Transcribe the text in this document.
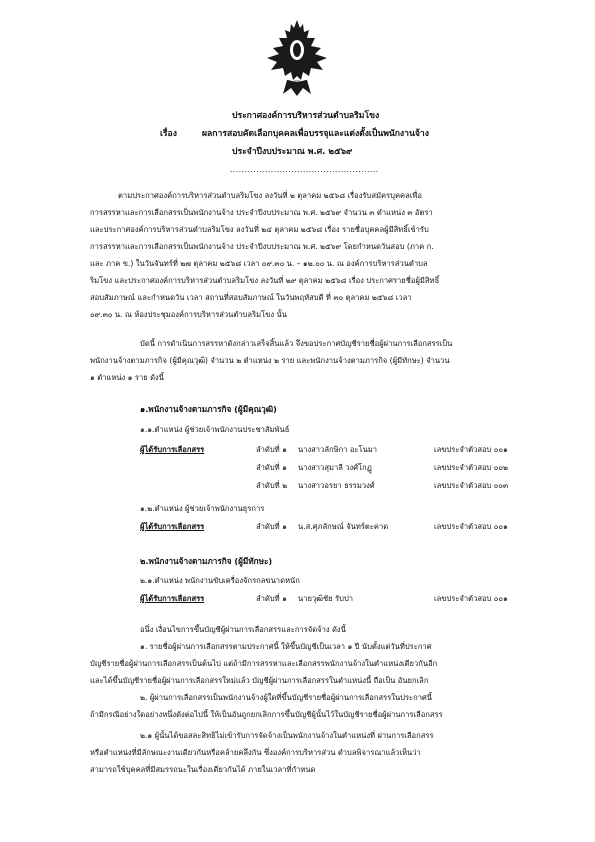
ประกาศองค์การบริหารส่วนตำบลริมโขง
เรื่อง	ผลการสอบคัดเลือกบุคคลเพื่อบรรจุและแต่งตั้งเป็นพนักงานจ้าง
ประจำปีงบประมาณ พ.ศ. ๒๕๖๙
...................................................
ตามประกาศองค์การบริหารส่วนตำบลริมโขง ลงวันที่ ๒ ตุลาคม ๒๕๖๘ เรื่องรับสมัครบุคคลเพื่อ
การสรรหาและการเลือกสรรเป็นพนักงานจ้าง ประจำปีงบประมาณ พ.ศ. ๒๕๖๙ จำนวน ๓ ตำแหน่ง ๓ อัตรา
และประกาศองค์การบริหารส่วนตำบลริมโขง ลงวันที่ ๒๔ ตุลาคม ๒๕๖๘ เรื่อง รายชื่อบุคคลผู้มีสิทธิ์เข้ารับ
การสรรหาและการเลือกสรรเป็นพนักงานจ้าง ประจำปีงบประมาณ พ.ศ. ๒๕๖๙ โดยกำหนดวันสอบ (ภาค ก.
และ ภาค ข.) ในวันจันทร์ที่ ๒๗ ตุลาคม ๒๕๖๘ เวลา ๐๙.๓๐ น. – ๑๒.๐๐ น. ณ องค์การบริหารส่วนตำบล
ริมโขง และประกาศองค์การบริหารส่วนตำบลริมโขง ลงวันที่ ๒๙ ตุลาคม ๒๕๖๘ เรื่อง ประกาศรายชื่อผู้มีสิทธิ์
สอบสัมภาษณ์ และกำหนดวัน เวลา สถานที่สอบสัมภาษณ์ ในวันพฤหัสบดี ที่ ๓๐ ตุลาคม ๒๕๖๘ เวลา
๐๙.๓๐ น. ณ ห้องประชุมองค์การบริหารส่วนตำบลริมโขง นั้น
บัดนี้ การดำเนินการสรรหาดังกล่าวเสร็จสิ้นแล้ว จึงขอประกาศบัญชีรายชื่อผู้ผ่านการเลือกสรรเป็น
พนักงานจ้างตามภารกิจ (ผู้มีคุณวุฒิ) จำนวน ๒ ตำแหน่ง ๒ ราย และพนักงานจ้างตามภารกิจ (ผู้มีทักษะ) จำนวน
๑ ตำแหน่ง ๑ ราย ดังนี้
๑.พนักงานจ้างตามภารกิจ (ผู้มีคุณวุฒิ)
๑.๑.ตำแหน่ง ผู้ช่วยเจ้าพนักงานประชาสัมพันธ์
ผู้ได้รับการเลือกสรร	ลำดับที่ ๑ นางสาวลักษิกา อะโนมา	เลขประจำตัวสอบ ๐๐๑
ลำดับที่ ๑ นางสาวสุมาลี วงศ์โกฏู	เลขประจำตัวสอบ ๐๐๒
ลำดับที่ ๒ นางสาวอรยา ธรรมวงศ์	เลขประจำตัวสอบ ๐๐๓
๑.๒.ตำแหน่ง ผู้ช่วยเจ้าพนักงานธุรการ
ผู้ได้รับการเลือกสรร	ลำดับที่ ๑ น.ส.ศุภลักษณ์ จันทร์ตะคาด	เลขประจำตัวสอบ ๐๐๑
๒.พนักงานจ้างตามภารกิจ (ผู้มีทักษะ)
๒.๑.ตำแหน่ง พนักงานขับเครื่องจักรกลขนาดหนัก
ผู้ได้รับการเลือกสรร	ลำดับที่ ๑ นายวุฒิชัย รับปา	เลขประจำตัวสอบ ๐๐๑
อนึ่ง เงื่อนไขการขึ้นบัญชีผู้ผ่านการเลือกสรรและการจัดจ้าง ดังนี้
๑. รายชื่อผู้ผ่านการเลือกสรรตามประกาศนี้ ให้ขึ้นบัญชีเป็นเวลา ๑ ปี นับตั้งแต่วันที่ประกาศ
บัญชีรายชื่อผู้ผ่านการเลือกสรรเป็นต้นไป แต่ถ้ามีการสรรหาและเลือกสรรพนักงานจ้างในตำแหน่งเดียวกันอีก
และได้ขึ้นบัญชีรายชื่อผู้ผ่านการเลือกสรรใหม่แล้ว บัญชีผู้ผ่านการเลือกสรรในตำแหน่งนี้ ถือเป็น อันยกเลิก
๒. ผู้ผ่านการเลือกสรรเป็นพนักงานจ้างผู้ใดที่ขึ้นบัญชีรายชื่อผู้ผ่านการเลือกสรรในประกาศนี้
ถ้ามีกรณีอย่างใดอย่างหนึ่งดังต่อไปนี้ ให้เป็นอันถูกยกเลิกการขึ้นบัญชีผู้นั้นไว้ในบัญชีรายชื่อผู้ผ่านการเลือกสรร
๒.๑ ผู้นั้นได้ขอสละสิทธิไม่เข้ารับการจัดจ้างเป็นพนักงานจ้างในตำแหน่งที่ ผ่านการเลือกสรร
หรือตำแหน่งที่มีลักษณะงานเดียวกันหรือคล้ายคลึงกัน ซึ่งองค์การบริหารส่วน ตำบลพิจารณาแล้วเห็นว่า
สามารถใช้บุคคลที่มีสมรรถนะในเรื่องเดียวกันได้ ภายในเวลาที่กำหนด
